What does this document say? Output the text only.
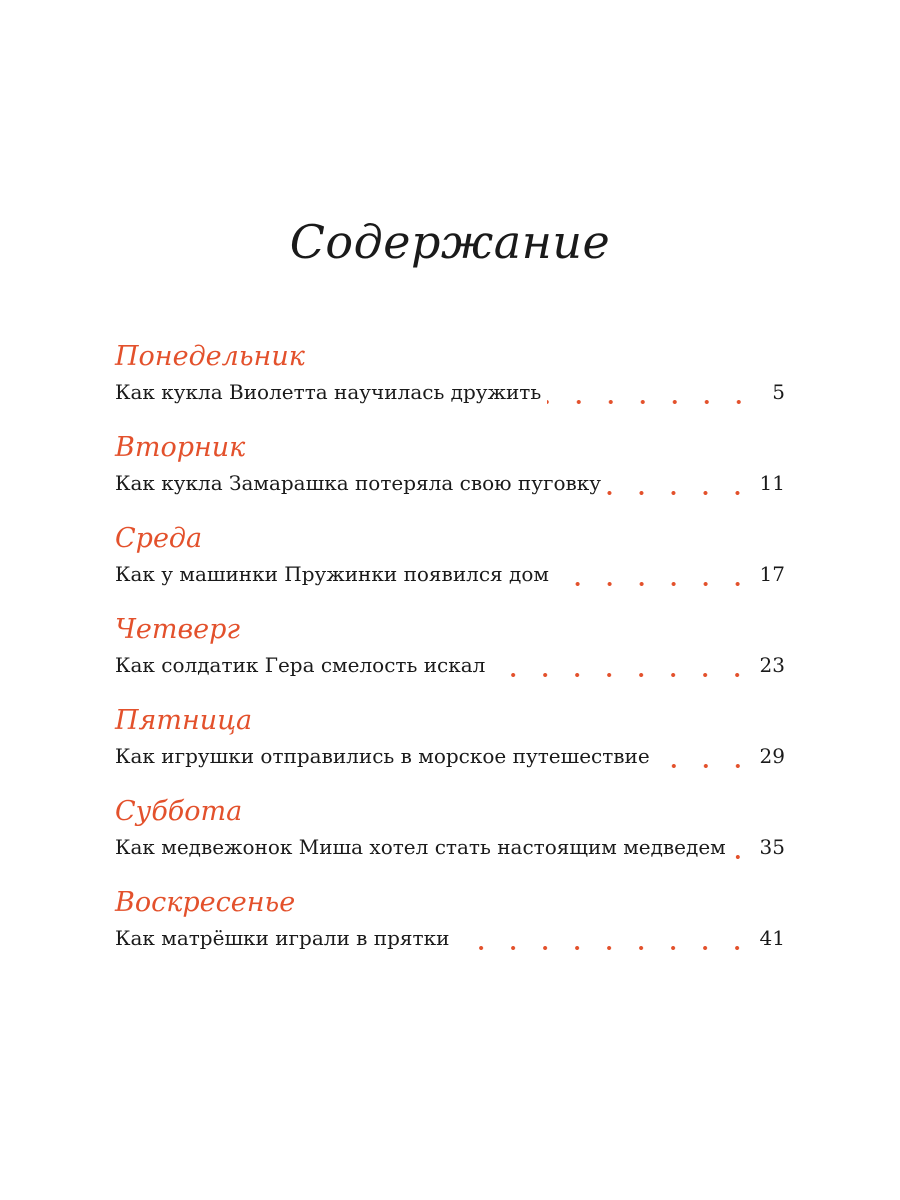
Содержание
Понедельник
Как кукла Виолетта научилась дружить	5
Вторник
Как кукла Замарашка потеряла свою пуговку	11
Среда
Как у машинки Пружинки появился дом	17
Четверг
Как солдатик Гера смелость искал	23
Пятница
Как игрушки отправились в морское путешествие	29
Суббота
Как медвежонок Миша хотел стать настоящим медведем 35
Воскресенье
Как матрёшки играли в прятки	41
